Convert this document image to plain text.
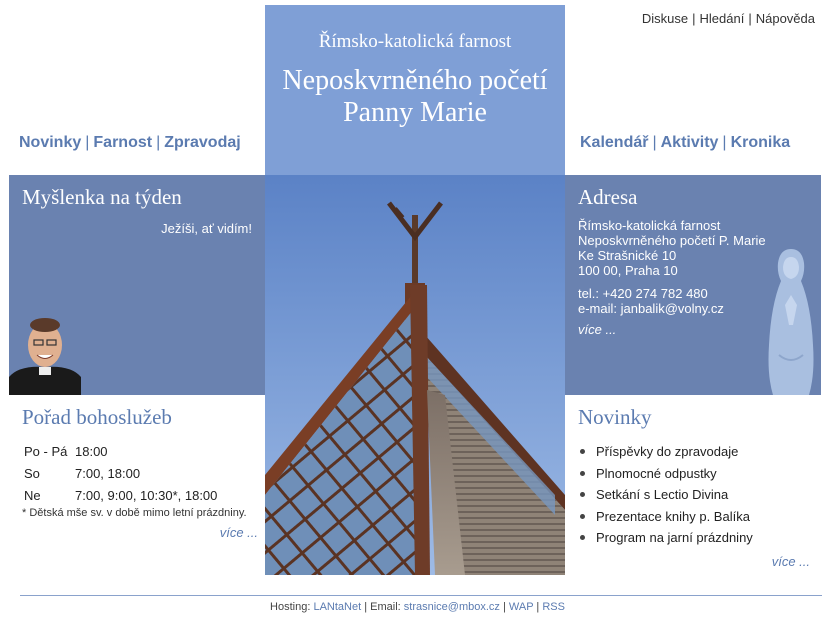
Diskuse | Hledání | Nápověda
Římsko-katolická farnost
Neposkvrněného početí
Panny Marie
Novinky | Farnost | Zpravodaj	Kalendář | Aktivity | Kronika
Myšlenka na týden
Ježíši, ať vidím!
Adresa
Římsko-katolická farnost
Neposkvrněného početí P. Marie
Ke Strašnické 10
100 00, Praha 10
tel.: +420 274 782 480
e-mail: janbalik@volny.cz
více ...
Pořad bohoslužeb
Po - Pá	18:00
So	7:00, 18:00
Ne	7:00, 9:00, 10:30*, 18:00
* Dětská mše sv. v době mimo letní prázdniny.
více ...
Novinky
Příspěvky do zpravodaje
Plnomocné odpustky
Setkání s Lectio Divina
Prezentace knihy p. Balíka
Program na jarní prázdniny
více ...
Hosting: LANtaNet | Email: strasnice@mbox.cz | WAP | RSS
